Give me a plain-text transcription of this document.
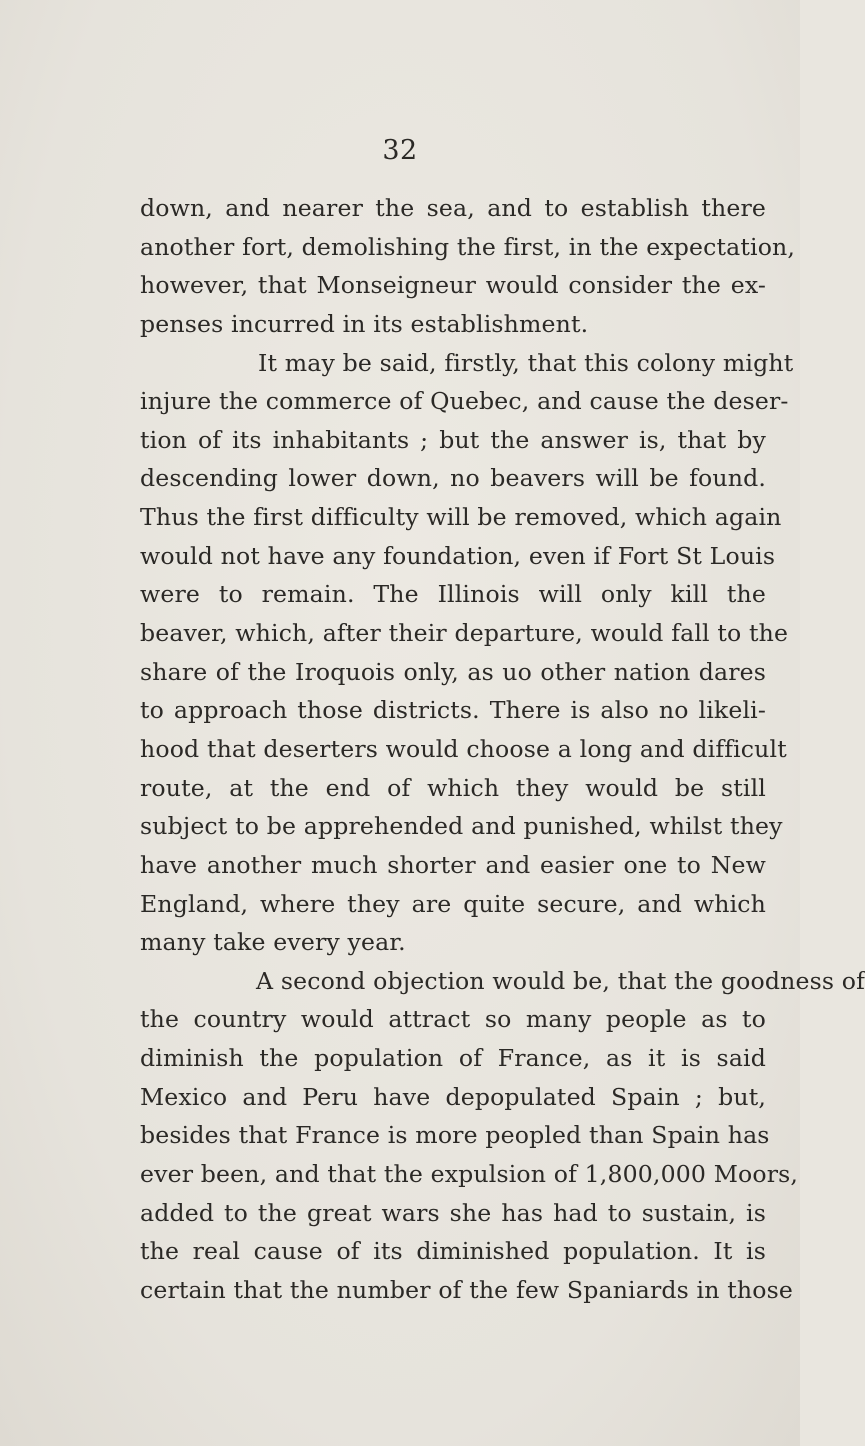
32
down, and nearer the sea, and to establish there
another fort, demolishing the first, in the expectation,
however, that Monseigneur would consider the ex-
penses incurred in its establishment.
It may be said, firstly, that this colony might
injure the commerce of Quebec, and cause the deser-
tion of its inhabitants ; but the answer is, that by
descending lower down, no beavers will be found.
Thus the first difficulty will be removed, which again
would not have any foundation, even if Fort St Louis
were to remain. The Illinois will only kill the
beaver, which, after their departure, would fall to the
share of the Iroquois only, as uo other nation dares
to approach those districts. There is also no likeli-
hood that deserters would choose a long and difficult
route, at the end of which they would be still
subject to be apprehended and punished, whilst they
have another much shorter and easier one to New
England, where they are quite secure, and which
many take every year.
A second objection would be, that the goodness of
the country would attract so many people as to
diminish the population of France, as it is said
Mexico and Peru have depopulated Spain ; but,
besides that France is more peopled than Spain has
ever been, and that the expulsion of 1,800,000 Moors,
added to the great wars she has had to sustain, is
the real cause of its diminished population. It is
certain that the number of the few Spaniards in those
